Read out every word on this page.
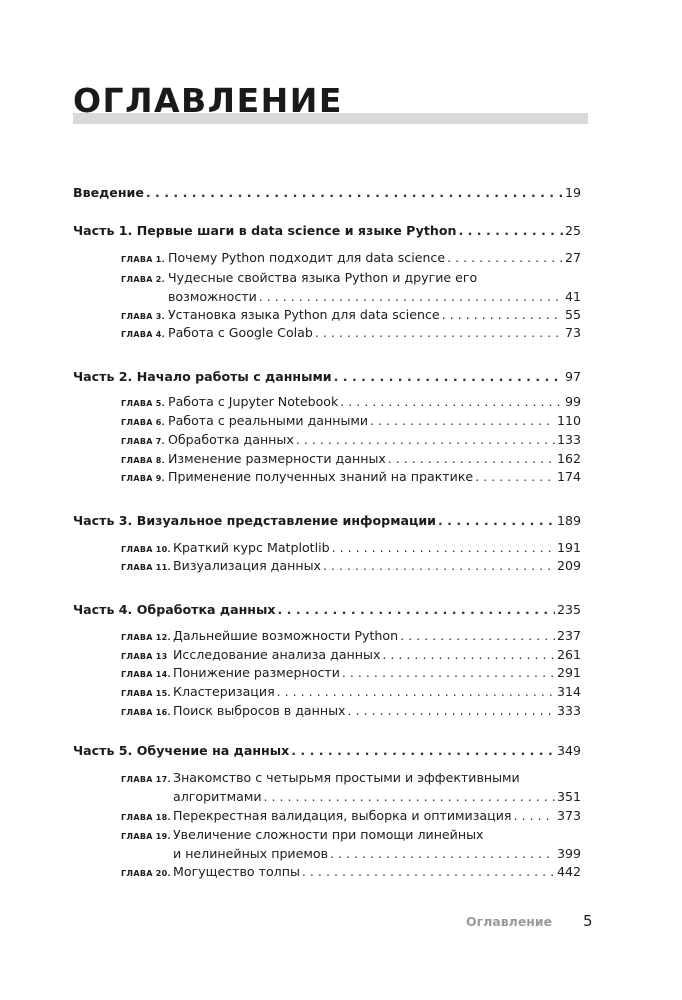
ОГЛАВЛЕНИЕ
Введение . . .	19
Часть 1. Первые шаги в data science и языке Python . . .	25
ГЛАВА 1. Почему Python подходит для data science . . .	27
ГЛАВА 2. Чудесные свойства языка Python и другие его
возможности . . .	41
ГЛАВА 3. Установка языка Python для data science . . .	55
ГЛАВА 4. Работа с Google Colab . . .	73
Часть 2. Начало работы с данными . . .	97
ГЛАВА 5. Работа с Jupyter Notebook . . .	99
ГЛАВА 6. Работа с реальными данными . . .	110
ГЛАВА 7. Обработка данных . . .	133
ГЛАВА 8. Изменение размерности данных . . .	162
ГЛАВА 9. Применение полученных знаний на практике . . .	174
Часть 3. Визуальное представление информации . . .	189
ГЛАВА 10. Краткий курс Matplotlib . . .	191
ГЛАВА 11. Визуализация данных . . .	209
Часть 4. Обработка данных . . .	235
ГЛАВА 12. Дальнейшие возможности Python . . .	237
ГЛАВА 13 Исследование анализа данных . . .	261
ГЛАВА 14. Понижение размерности . . .	291
ГЛАВА 15. Кластеризация . . .	314
ГЛАВА 16. Поиск выбросов в данных . . .	333
Часть 5. Обучение на данных . . .	349
ГЛАВА 17. Знакомство с четырьмя простыми и эффективными
алгоритмами . . .	351
ГЛАВА 18. Перекрестная валидация, выборка и оптимизация . . .	373
ГЛАВА 19. Увеличение сложности при помощи линейных
и нелинейных приемов . . .	399
ГЛАВА 20. Могущество толпы . . .	442
Оглавление 5
